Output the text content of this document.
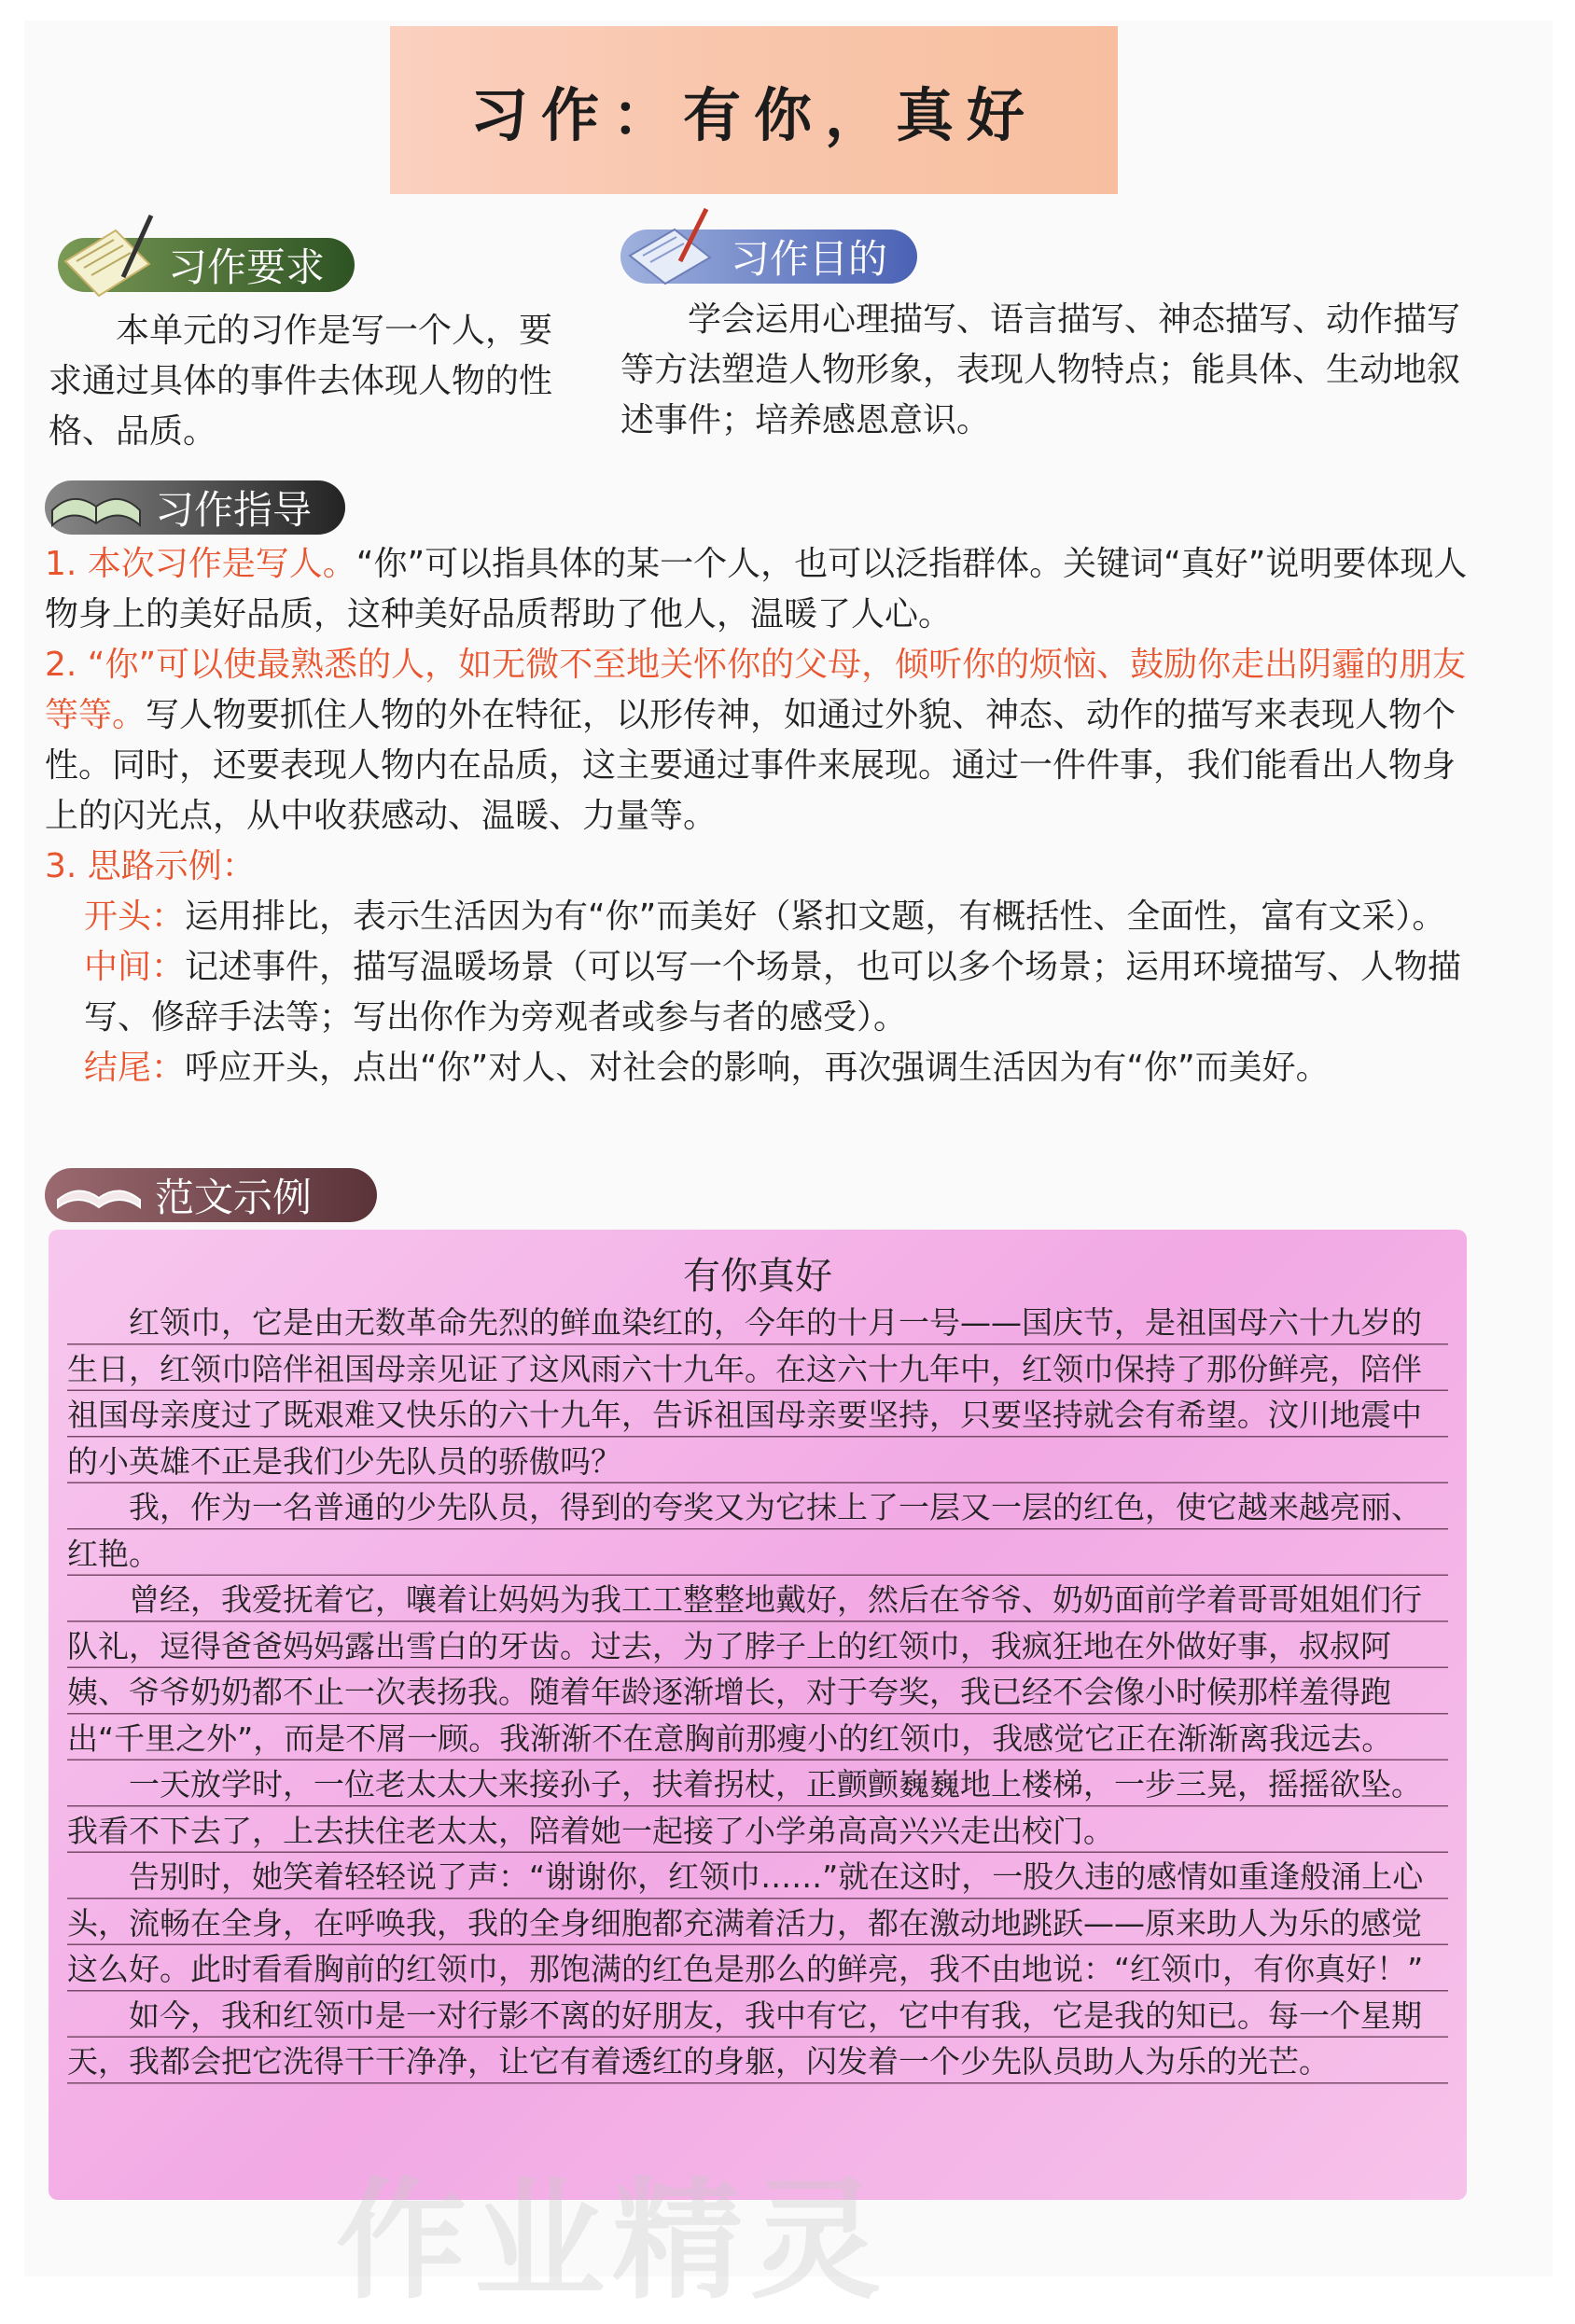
习作：有你，真好
习作要求

本单元的习作是写一个人，要求通过具体的事件去体现人物的性格、品质。

习作目的

学会运用心理描写、语言描写、神态描写、动作描写等方法塑造人物形象，表现人物特点；能具体、生动地叙述事件；培养感恩意识。

习作指导

1. 本次习作是写人。“你”可以指具体的某一个人，也可以泛指群体。关键词“真好”说明要体现人物身上的美好品质，这种美好品质帮助了他人，温暖了人心。

2. “你”可以使最熟悉的人，如无微不至地关怀你的父母，倾听你的烦恼、鼓励你走出阴霾的朋友等等。写人物要抓住人物的外在特征，以形传神，如通过外貌、神态、动作的描写来表现人物个性。同时，还要表现人物内在品质，这主要通过事件来展现。通过一件件事，我们能看出人物身上的闪光点，从中收获感动、温暖、力量等。

3. 思路示例：

开头：运用排比，表示生活因为有“你”而美好（紧扣文题，有概括性、全面性，富有文采）。

中间：记述事件，描写温暖场景（可以写一个场景，也可以多个场景；运用环境描写、人物描写、修辞手法等；写出你作为旁观者或参与者的感受）。

结尾：呼应开头，点出“你”对人、对社会的影响，再次强调生活因为有“你”而美好。

范文示例
有你真好

红领巾，它是由无数革命先烈的鲜血染红的，今年的十月一号——国庆节，是祖国母六十九岁的生日，红领巾陪伴祖国母亲见证了这风雨六十九年。在这六十九年中，红领巾保持了那份鲜亮，陪伴祖国母亲度过了既艰难又快乐的六十九年，告诉祖国母亲要坚持，只要坚持就会有希望。汶川地震中的小英雄不正是我们少先队员的骄傲吗？

我，作为一名普通的少先队员，得到的夸奖又为它抹上了一层又一层的红色，使它越来越亮丽、红艳。

曾经，我爱抚着它，嚷着让妈妈为我工工整整地戴好，然后在爷爷、奶奶面前学着哥哥姐姐们行队礼，逗得爸爸妈妈露出雪白的牙齿。过去，为了脖子上的红领巾，我疯狂地在外做好事，叔叔阿姨、爷爷奶奶都不止一次表扬我。随着年龄逐渐增长，对于夸奖，我已经不会像小时候那样羞得跑出“千里之外”，而是不屑一顾。我渐渐不在意胸前那瘦小的红领巾，我感觉它正在渐渐离我远去。

一天放学时，一位老太太大来接孙子，扶着拐杖，正颤颤巍巍地上楼梯，一步三晃，摇摇欲坠。我看不下去了，上去扶住老太太，陪着她一起接了小学弟高高兴兴走出校门。

告别时，她笑着轻轻说了声：“谢谢你，红领巾……”就在这时，一股久违的感情如重逢般涌上心头，流畅在全身，在呼唤我，我的全身细胞都充满着活力，都在激动地跳跃——原来助人为乐的感觉这么好。此时看看胸前的红领巾，那饱满的红色是那么的鲜亮，我不由地说：“红领巾，有你真好！”

如今，我和红领巾是一对行影不离的好朋友，我中有它，它中有我，它是我的知已。每一个星期天，我都会把它洗得干干净净，让它有着透红的身躯，闪发着一个少先队员助人为乐的光芒。

作业精灵
